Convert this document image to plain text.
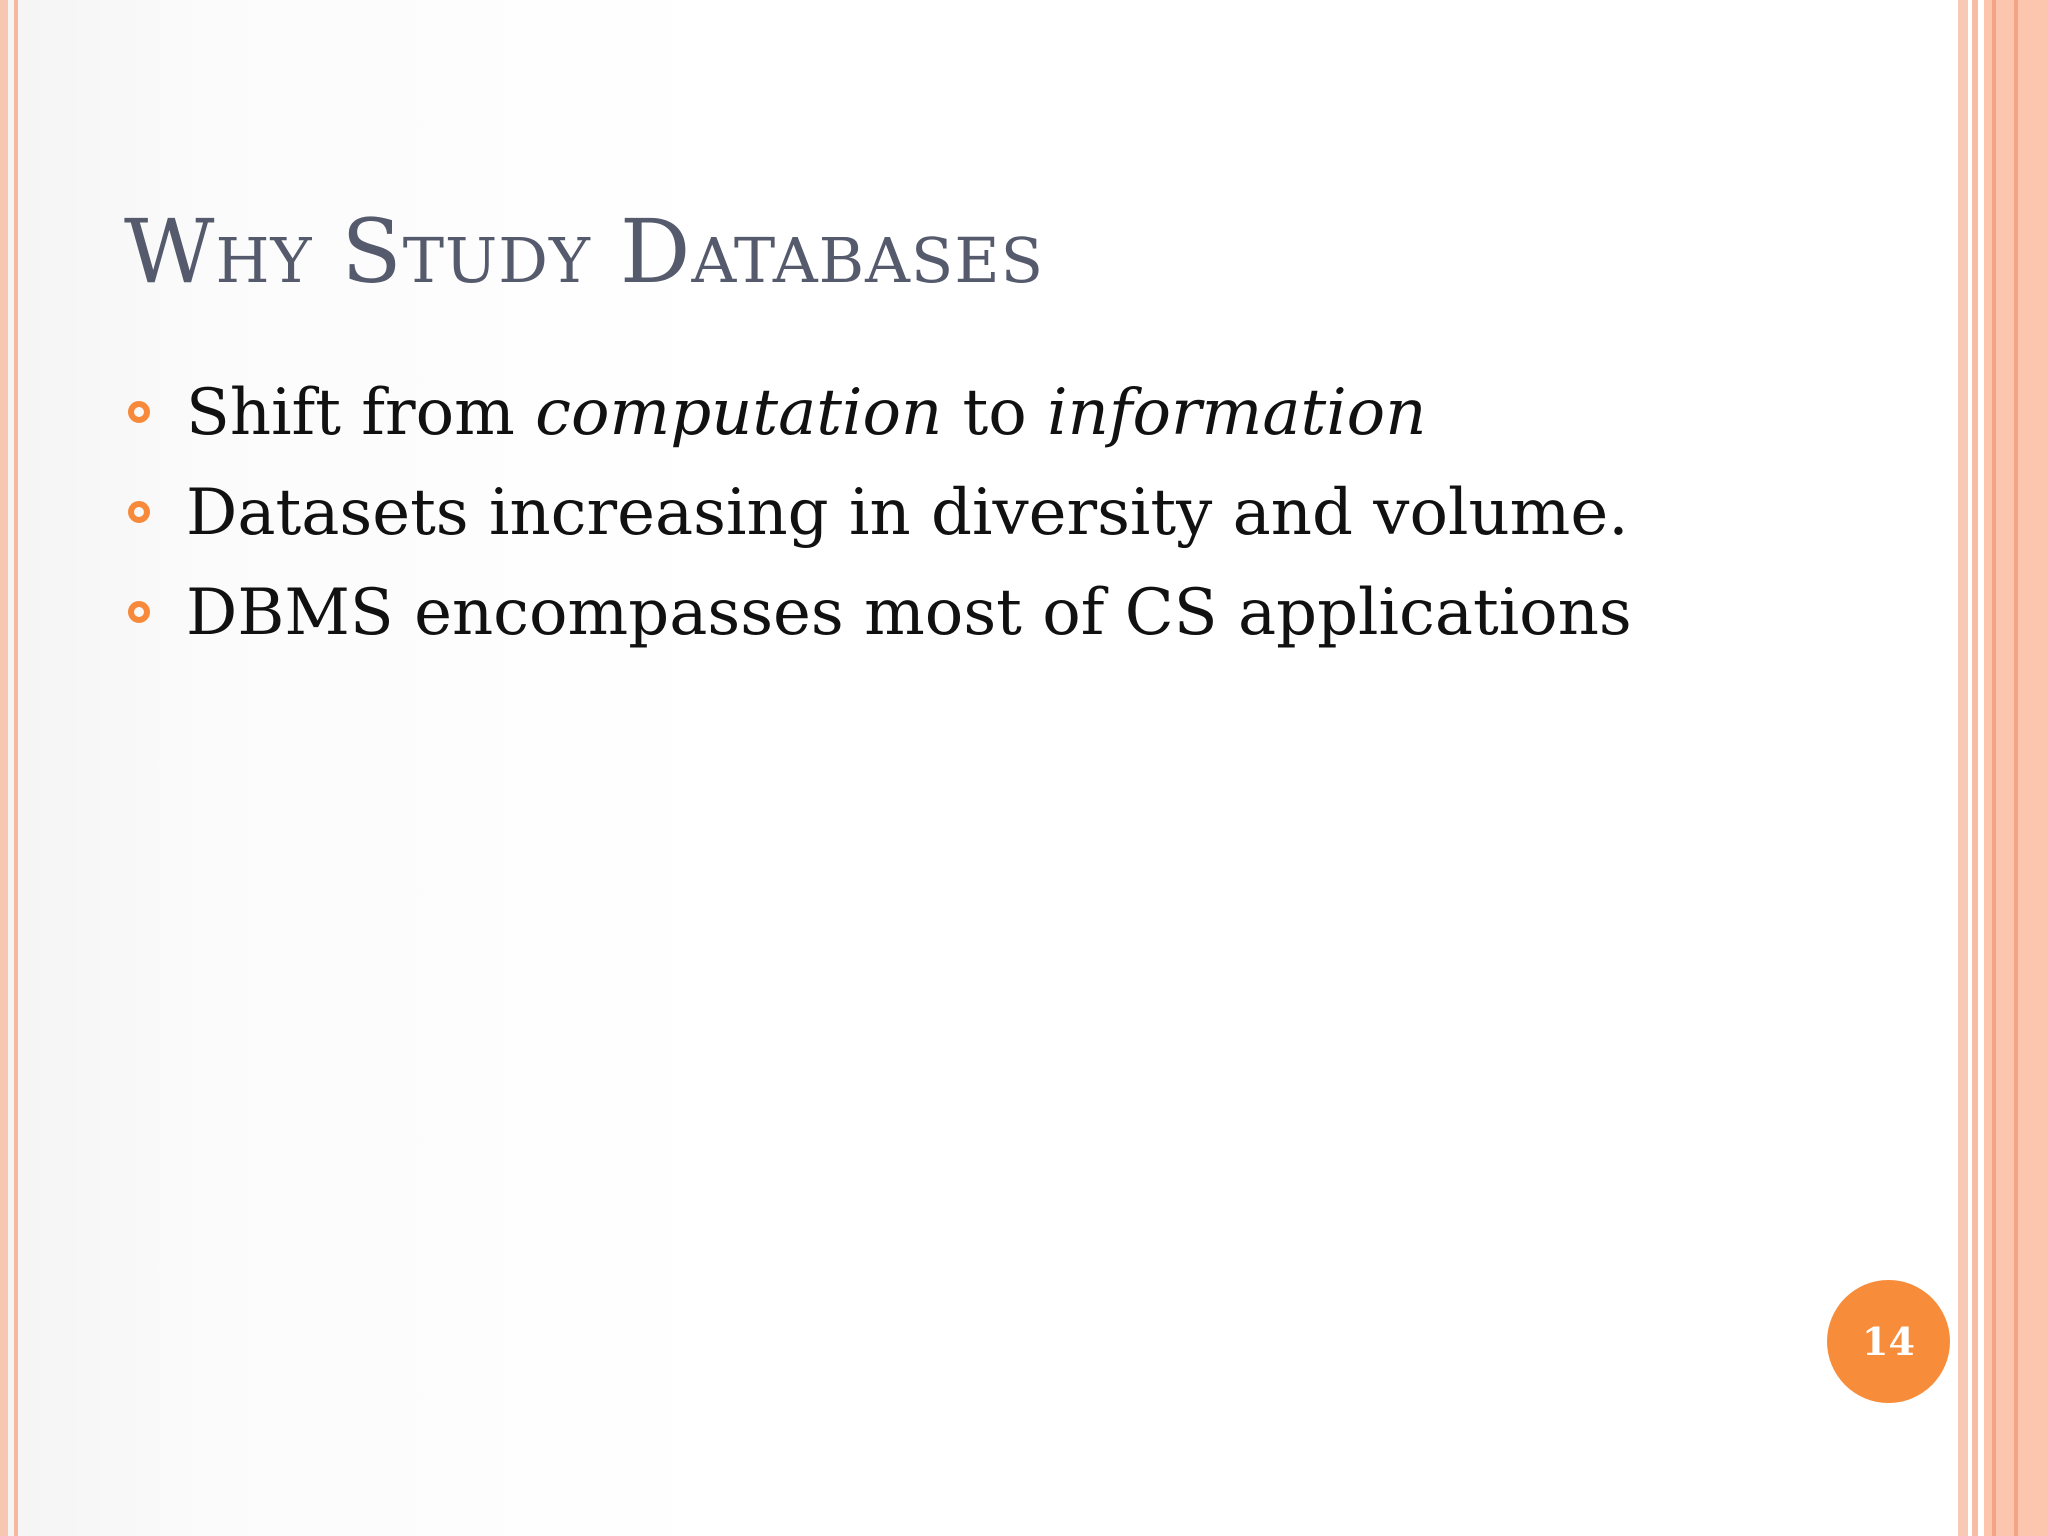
Why Study Databases
Shift from computation to information
Datasets increasing in diversity and volume.
DBMS encompasses most of CS applications
14
